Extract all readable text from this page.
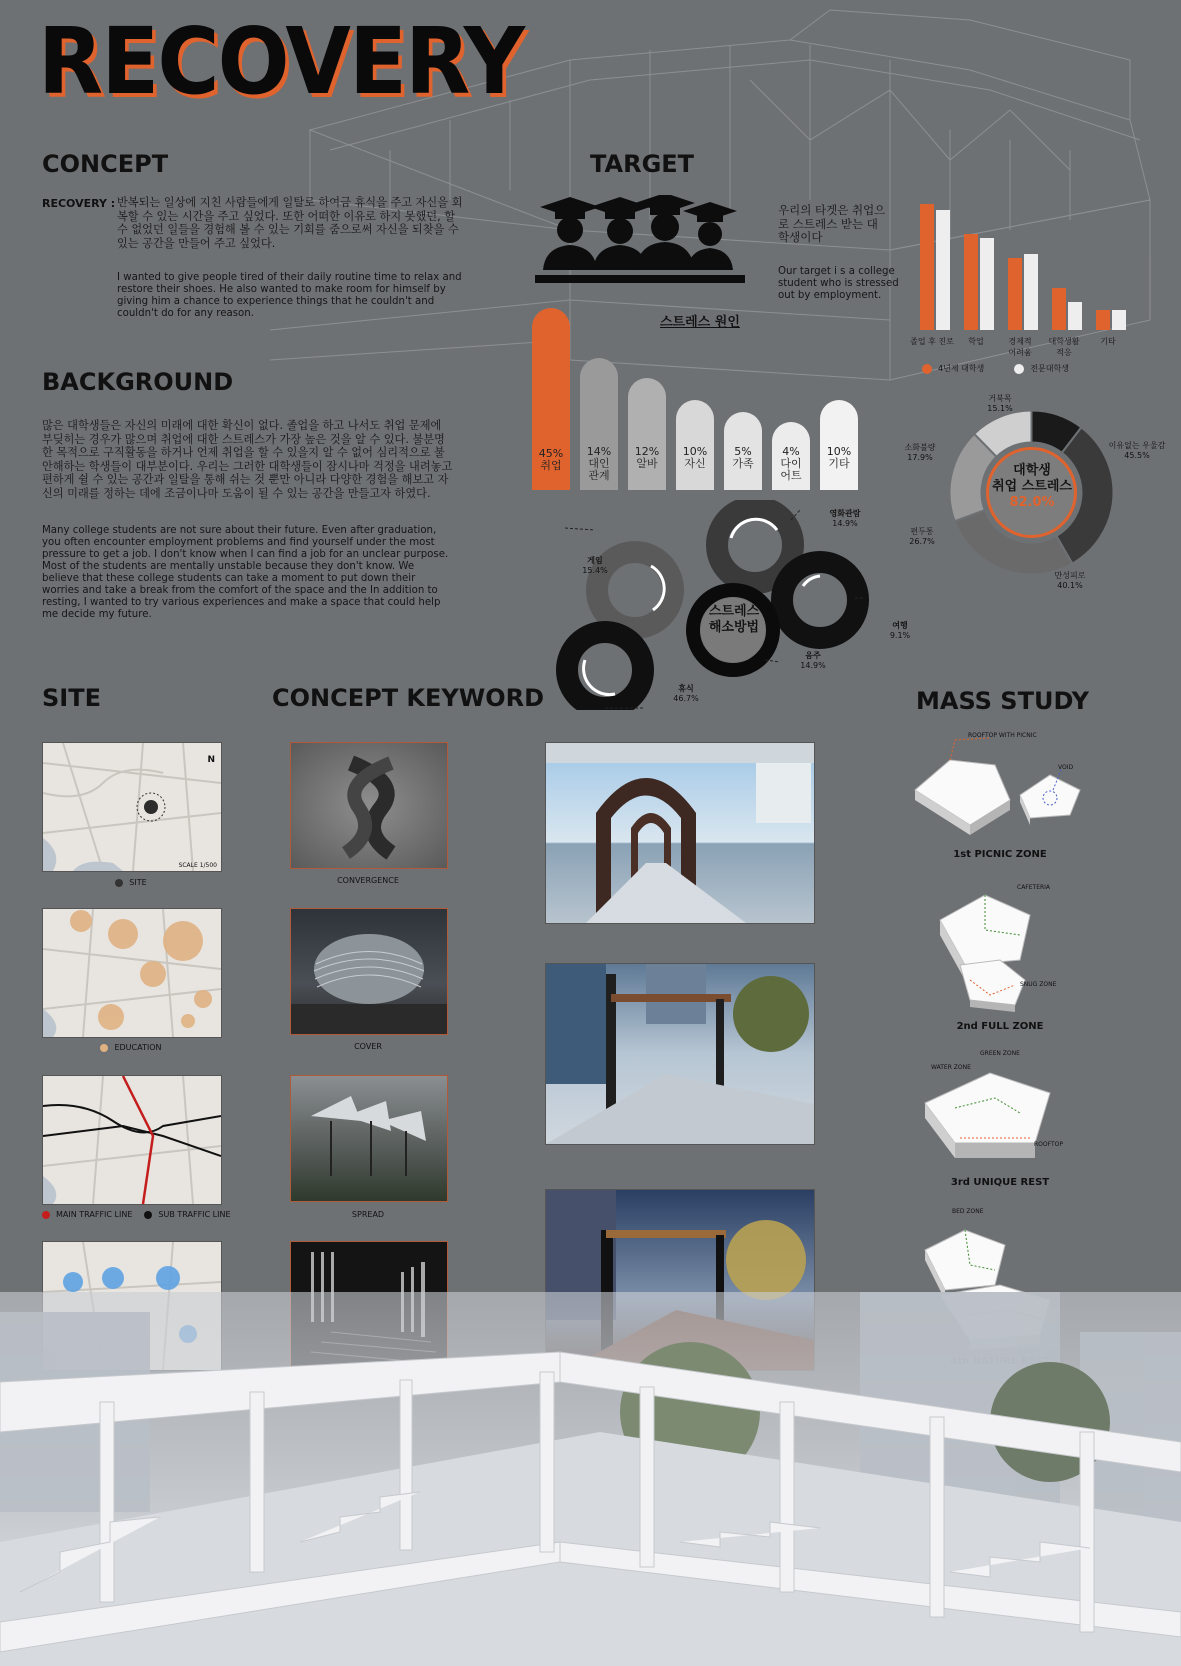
RECOVERY
CONCEPT
RECOVERY : 반복되는 일상에 지친 사람들에게 일탈로 하여금 휴식을 주고 자신을 회복할 수 있는 시간을 주고 싶었다. 또한 어떠한 이유로 하지 못했던, 할 수 없었던 일들을 경험해 볼 수 있는 기회를 줌으로써 자신을 되찾을 수 있는 공간을 만들어 주고 싶었다.
I wanted to give people tired of their daily routine time to relax and restore their shoes. He also wanted to make room for himself by giving him a chance to experience things that he couldn't and couldn't do for any reason.
BACKGROUND
많은 대학생들은 자신의 미래에 대한 확신이 없다. 졸업을 하고 나서도 취업 문제에 부딪히는 경우가 많으며 취업에 대한 스트레스가 가장 높은 것을 알 수 있다. 불분명한 목적으로 구직활동을 하거나 언제 취업을 할 수 있을지 알 수 없어 심리적으로 불안해하는 학생들이 대부분이다. 우리는 그러한 대학생들이 잠시나마 걱정을 내려놓고 편하게 쉴 수 있는 공간과 일탈을 통해 쉬는 것 뿐만 아니라 다양한 경험을 해보고 자신의 미래를 정하는 데에 조금이나마 도움이 될 수 있는 공간을 만들고자 하였다.
Many college students are not sure about their future. Even after graduation, you often encounter employment problems and find yourself under the most pressure to get a job. I don't know when I can find a job for an unclear purpose. Most of the students are mentally unstable because they don't know. We believe that these college students can take a moment to put down their worries and take a break from the comfort of the space and the In addition to resting, I wanted to try various experiences and make a space that could help me decide my future.
TARGET
우리의 타겟은 취업으로 스트레스 받는 대학생이다
Our target i s a college student who is stressed out by employment.
스트레스 원인
45%
취업
14%
대인
관계
12%
알바
10%
자신
5%
가족
4%
다이
어트
10%
기타
졸업 후 진로	학업	경제적
어려움
대학생활
적응
기타
4년제 대학생	전문대학생
대학생
취업 스트레스
82.0%
거북목
15.1%
이유없는 우울감
45.5%
소화불량
17.9%
편두통
26.7%
만성피로
40.1%
스트레스
해소방법
영화관람
14.9%
게임
15.4%
여행
9.1%
음주
14.9%
휴식
46.7%
SITE	CONCEPT KEYWORD	MASS STUDY
N
SCALE 1/500
SITE
EDUCATION
MAIN TRAFFIC LINE	SUB TRAFFIC LINE
CONVERGENCE
COVER
SPREAD
ROOFTOP WITH PICNIC
VOID
1st PICNIC ZONE
CAFETERIA
SNUG ZONE
2nd FULL ZONE
WATER ZONE
GREEN ZONE
ROOFTOP
3rd UNIQUE REST
BED ZONE
